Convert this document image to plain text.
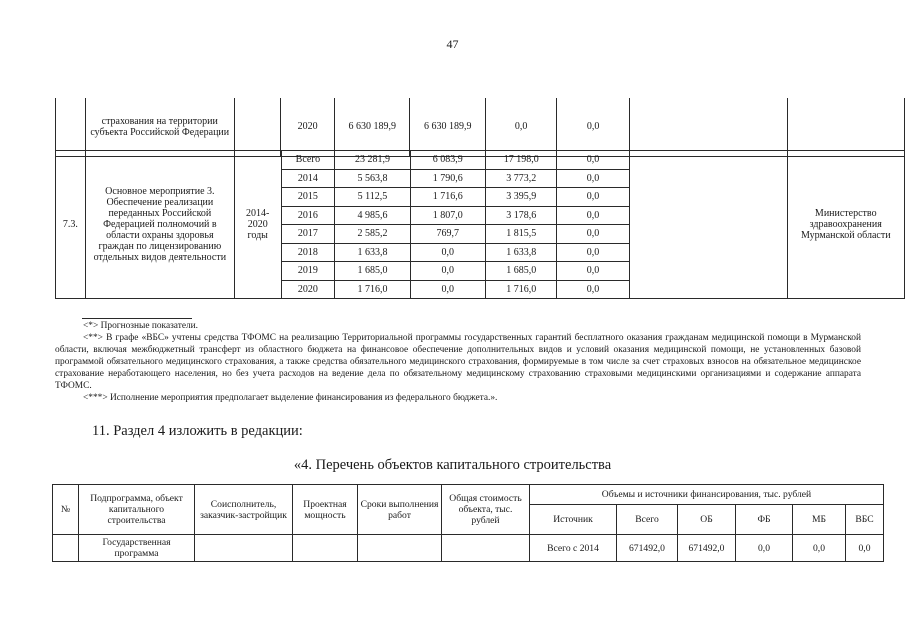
47
	страхования на территории субъекта Российской Федерации		2020	6 630 189,9	6 630 189,9	0,0	0,0		
7.3.	Основное мероприятие 3. Обеспечение реализации переданных Российской Федерацией полномочий в области охраны здоровья граждан по лицензированию отдельных видов деятельности	2014-2020 годы	Всего	23 281,9	6 083,9	17 198,0	0,0		Министерство здравоохранения Мурманской области
			2014	5 563,8	1 790,6	3 773,2	0,0		
			2015	5 112,5	1 716,6	3 395,9	0,0		
			2016	4 985,6	1 807,0	3 178,6	0,0		
			2017	2 585,2	769,7	1 815,5	0,0		
			2018	1 633,8	0,0	1 633,8	0,0		
			2019	1 685,0	0,0	1 685,0	0,0		
			2020	1 716,0	0,0	1 716,0	0,0		

<*> Прогнозные показатели.

<**> В графе «ВБС» учтены средства ТФОМС на реализацию Территориальной программы государственных гарантий бесплатного оказания гражданам медицинской помощи в Мурманской области, включая межбюджетный трансферт из областного бюджета на финансовое обеспечение дополнительных видов и условий оказания медицинской помощи, не установленных базовой программой обязательного медицинского страхования, а также средства обязательного медицинского страхования, формируемые в том числе за счет страховых взносов на обязательное медицинское страхование неработающего населения, но без учета расходов на ведение дела по обязательному медицинскому страхованию страховыми медицинскими организациями и содержание аппарата ТФОМС.

<***> Исполнение мероприятия предполагает выделение финансирования из федерального бюджета.».

11. Раздел 4 изложить в редакции:
«4. Перечень объектов капитального строительства
№	Подпрограмма, объект капитального строительства	Соисполнитель, заказчик-застройщик	Проектная мощность	Сроки выполнения работ	Общая стоимость объекта, тыс. рублей	Объемы и источники финансирования, тыс. рублей					
						Источник	Всего	ОБ	ФБ	МБ	ВБС
	Государственная программа					Всего с 2014	671492,0	671492,0	0,0	0,0	0,0
